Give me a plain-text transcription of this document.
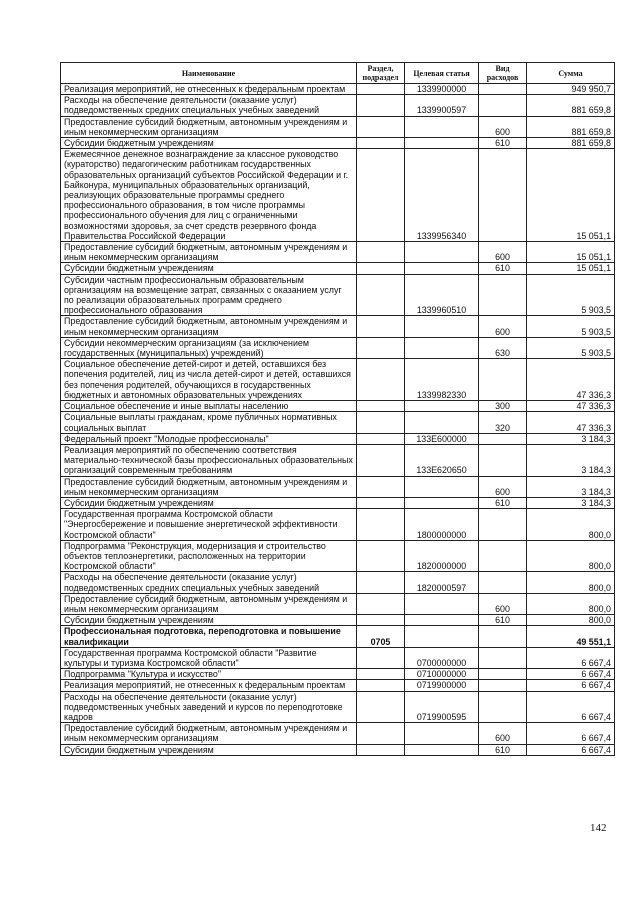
Наименование	Раздел, подраздел	Целевая статья	Вид расходов	Сумма
Реализация мероприятий, не отнесенных к федеральным проектам		1339900000		949 950,7
Расходы на обеспечение деятельности (оказание услуг) подведомственных средних специальных учебных заведений		1339900597		881 659,8
Предоставление субсидий бюджетным, автономным учреждениям и иным некоммерческим организациям			600	881 659,8
Субсидии бюджетным учреждениям			610	881 659,8
Ежемесячное денежное вознаграждение за классное руководство (кураторство) педагогическим работникам государственных образовательных организаций субъектов Российской Федерации и г. Байконура, муниципальных образовательных организаций, реализующих образовательные программы среднего профессионального образования, в том числе программы профессионального обучения для лиц с ограниченными возможностями здоровья, за счет средств резервного фонда Правительства Российской Федерации		1339956340		15 051,1
Предоставление субсидий бюджетным, автономным учреждениям и иным некоммерческим организациям			600	15 051,1
Субсидии бюджетным учреждениям			610	15 051,1
Субсидии частным профессиональным образовательным организациям на возмещение затрат, связанных с оказанием услуг по реализации образовательных программ среднего профессионального образования		1339960510		5 903,5
Предоставление субсидий бюджетным, автономным учреждениям и иным некоммерческим организациям			600	5 903,5
Субсидии некоммерческим организациям (за исключением государственных (муниципальных) учреждений)			630	5 903,5
Социальное обеспечение детей-сирот и детей, оставшихся без попечения родителей, лиц из числа детей-сирот и детей, оставшихся без попечения родителей, обучающихся в государственных бюджетных и автономных образовательных учреждениях		1339982330		47 336,3
Социальное обеспечение и иные выплаты населению			300	47 336,3
Социальные выплаты гражданам, кроме публичных нормативных социальных выплат			320	47 336,3
Федеральный проект "Молодые профессионалы"		133E600000		3 184,3
Реализация мероприятий по обеспечению соответствия материально-технической базы профессиональных образовательных организаций современным требованиям		133E620650		3 184,3
Предоставление субсидий бюджетным, автономным учреждениям и иным некоммерческим организациям			600	3 184,3
Субсидии бюджетным учреждениям			610	3 184,3
Государственная программа Костромской области "Энергосбережение и повышение энергетической эффективности Костромской области"		1800000000		800,0
Подпрограмма "Реконструкция, модернизация и строительство объектов теплоэнергетики, расположенных на территории Костромской области"		1820000000		800,0
Расходы на обеспечение деятельности (оказание услуг) подведомственных средних специальных учебных заведений		1820000597		800,0
Предоставление субсидий бюджетным, автономным учреждениям и иным некоммерческим организациям			600	800,0
Субсидии бюджетным учреждениям			610	800,0
Профессиональная подготовка, переподготовка и повышение квалификации	0705			49 551,1
Государственная программа Костромской области "Развитие культуры и туризма Костромской области"		0700000000		6 667,4
Подпрограмма "Культура и искусство"		0710000000		6 667,4
Реализация мероприятий, не отнесенных к федеральным проектам		0719900000		6 667,4
Расходы на обеспечение деятельности (оказание услуг) подведомственных учебных заведений и курсов по переподготовке кадров		0719900595		6 667,4
Предоставление субсидий бюджетным, автономным учреждениям и иным некоммерческим организациям			600	6 667,4
Субсидии бюджетным учреждениям			610	6 667,4
142
